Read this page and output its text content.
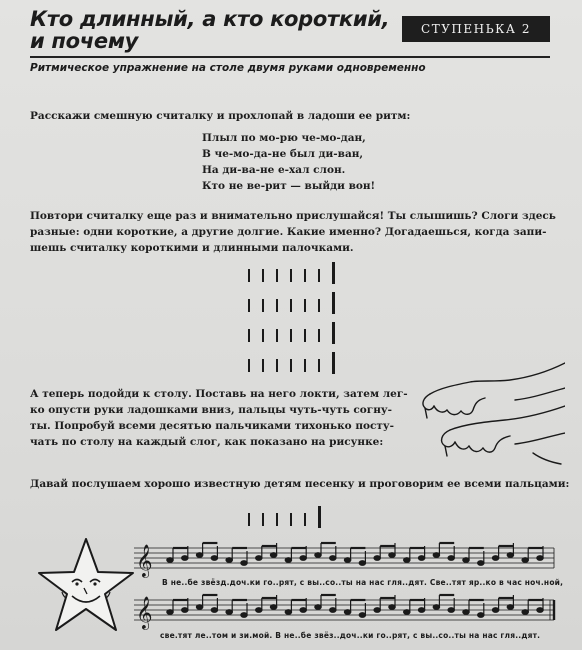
Кто длинный, а кто короткий,
и почему	СТУПЕНЬКА 2
Ритмическое упражнение на столе двумя руками одновременно
Расскажи смешную считалку и прохлопай в ладоши ее ритм:
Плыл по мо-рю че-мо-дан,
В че-мо-да-не был ди-ван,
На ди-ва-не е-хал слон.
Кто не ве-рит — выйди вон!
Повтори считалку еще раз и внимательно прислушайся! Ты слышишь? Слоги здесь
разные: одни короткие, а другие долгие. Какие именно? Догадаешься, когда запи-
шешь считалку короткими и длинными палочками.
А теперь подойди к столу. Поставь на него локти, затем лег-
ко опусти руки ладошками вниз, пальцы чуть-чуть согну-
ты. Попробуй всеми десятью пальчиками тихонько посту-
чать по столу на каждый слог, как показано на рисунке:
Давай послушаем хорошо известную детям песенку и проговорим ее всеми пальцами:
𝄞
В не..бе звёзд.доч.ки го..рят, с вы..со..ты на нас гля..дят. Све..тят яр..ко в час ноч.ной,
𝄞
све.тят ле..том и зи.мой. В не..бе звёз..доч..ки го..рят, с вы..со..ты на нас гля..дят.
